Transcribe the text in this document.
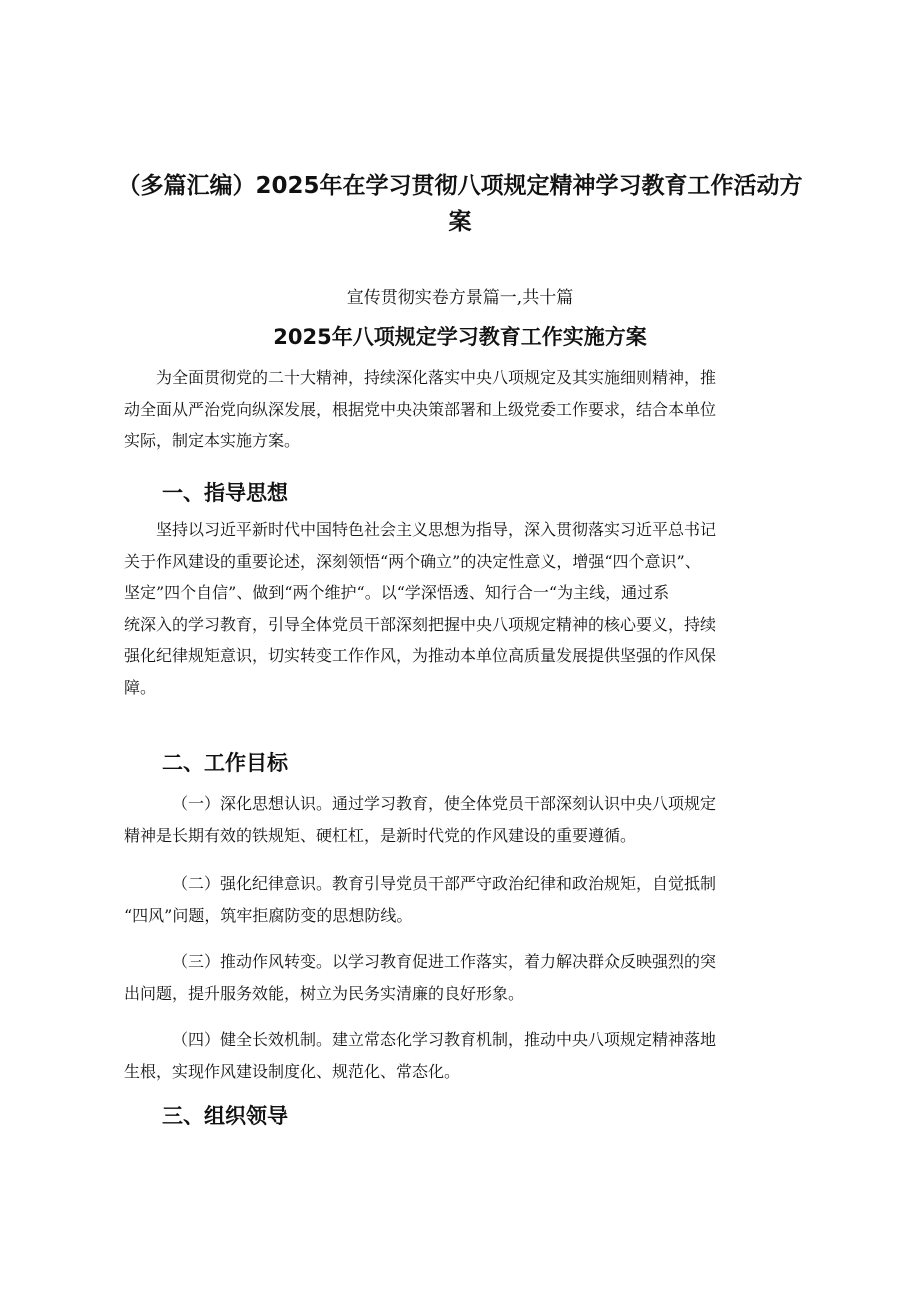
（多篇汇编）2025年在学习贯彻八项规定精神学习教育工作活动方
案

宣传贯彻实卷方景篇一,共十篇

2025年八项规定学习教育工作实施方案

为全面贯彻党的二十大精神，持续深化落实中央八项规定及其实施细则精神，推
动全面从严治党向纵深发展，根据党中央决策部署和上级党委工作要求，结合本单位
实际，制定本实施方案。

一、指导思想

坚持以习近平新时代中国特色社会主义思想为指导，深入贯彻落实习近平总书记
关于作风建设的重要论述，深刻领悟“两个确立”的决定性意义，增强“四个意识”、
坚定”四个自信”、做到“两个维护“。以“学深悟透、知行合一“为主线，通过系
统深入的学习教育，引导全体党员干部深刻把握中央八项规定精神的核心要义，持续
强化纪律规矩意识，切实转变工作作风，为推动本单位高质量发展提供坚强的作风保
障。

二、工作目标

（一）深化思想认识。通过学习教育，使全体党员干部深刻认识中央八项规定
精神是长期有效的铁规矩、硬杠杠，是新时代党的作风建设的重要遵循。

（二）强化纪律意识。教育引导党员干部严守政治纪律和政治规矩，自觉抵制
“四风”问题，筑牢拒腐防变的思想防线。

（三）推动作风转变。以学习教育促进工作落实，着力解决群众反映强烈的突
出问题，提升服务效能，树立为民务实清廉的良好形象。

（四）健全长效机制。建立常态化学习教育机制，推动中央八项规定精神落地
生根，实现作风建设制度化、规范化、常态化。

三、组织领导
